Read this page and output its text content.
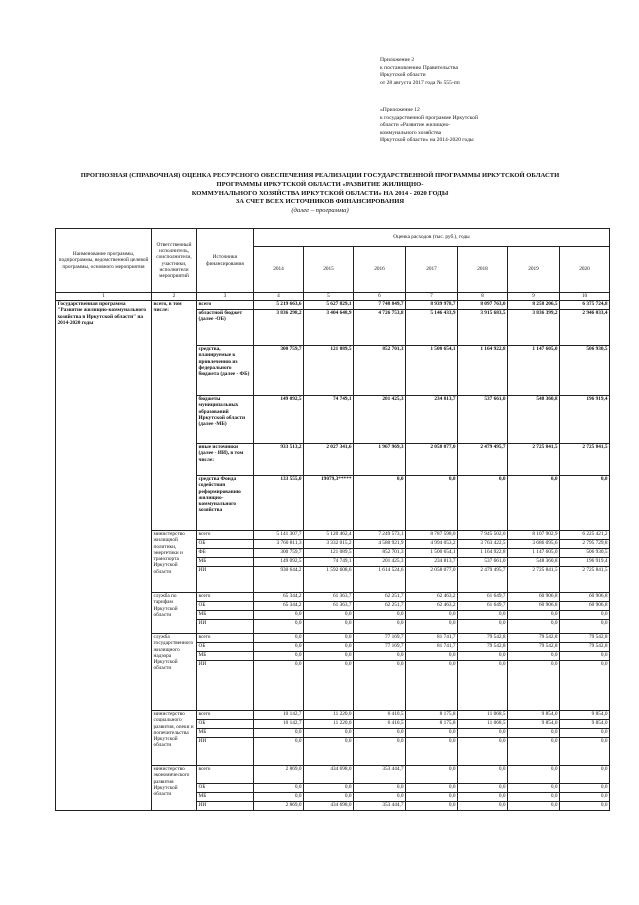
Приложение 2
к постановлению Правительства
Иркутской области
от 28 августа 2017 года № 555-пп
«Приложение 12
к государственной программе Иркутской
области «Развитие жилищно-
коммунального хозяйства
Иркутской области» на 2014-2020 годы
ПРОГНОЗНАЯ (СПРАВОЧНАЯ) ОЦЕНКА РЕСУРСНОГО ОБЕСПЕЧЕНИЯ РЕАЛИЗАЦИИ ГОСУДАРСТВЕННОЙ ПРОГРАММЫ ИРКУТСКОЙ ОБЛАСТИ
ПРОГРАММЫ ИРКУТСКОЙ ОБЛАСТИ «РАЗВИТИЕ ЖИЛИЩНО-
КОММУНАЛЬНОГО ХОЗЯЙСТВА ИРКУТСКОЙ ОБЛАСТИ» НА 2014 - 2020 ГОДЫ
ЗА СЧЕТ ВСЕХ ИСТОЧНИКОВ ФИНАНСИРОВАНИЯ
(далее – программа)
Наименование программы, подпрограммы, ведомственной целевой программы, основного мероприятия	Ответственный исполнитель, соисполнители, участники, исполнители мероприятий	Источники финансирования	Оценка расходов (тыс. руб.), годы						
			2014	2015	2016	2017	2018	2019	2020
1	2	3	4	5	6	7	8	9	10
Государственная программа "Развитие жилищно-коммунального хозяйства в Иркутской области" на 2014-2020 годы	всего, в том числе:	всего	5 219 663,6	5 627 829,1	7 748 849,7	8 939 978,7	8 097 763,0	8 258 206,5	6 375 724,8
		областной бюджет (далее -ОБ)	3 836 298,2	3 404 648,9	4 726 753,8	5 146 433,9	3 915 683,5	3 836 399,2	2 946 033,4
		средства, планируемые к привлечению из федерального бюджета (далее - ФБ)	300 759,7	121 089,5	852 701,3	1 500 654,1	1 164 922,8	1 147 605,0	506 930,5
		бюджеты муниципальных образований Иркутской области (далее -МБ)	149 092,5	74 749,1	201 425,3	234 813,7	537 661,0	548 360,8	196 919,4
		иные источники (далее - ИИ), в том числе:	933 513,2	2 027 341,6	1 967 969,3	2 058 077,0	2 479 495,7	2 725 841,5	2 725 841,5
		средства Фонда содействия реформированию жилищно-коммунального хозяйства	133 555,0	19079,3*****	0,0	0,0	0,0	0,0	0,0
	министерство жилищной политики, энергетики и транспорта Иркутской области	всего	5 141 307,7	5 120 462,4	7 249 573,1	8 787 598,0	7 945 502,0	8 107 902,9	6 225 421,2
		ОБ	3 760 811,3	3 332 015,2	4 580 921,9	4 994 053,2	3 763 422,5	3 686 095,6	2 795 729,8
		ФБ	300 759,7	121 089,5	852 701,3	1 500 654,1	1 164 922,8	1 147 605,0	506 930,5
		МБ	149 092,5	74 749,1	201 425,3	234 813,7	537 661,0	548 360,8	196 919,4
		ИИ	930 644,2	1 592 608,6	1 614 524,6	2 058 077,0	2 479 495,7	2 725 841,5	2 725 841,5
	служба по тарифам Иркутской области	всего	65 344,2	61 363,7	62 251,7	62 463,2	61 649,7	60 906,8	60 906,8
		ОБ	65 344,2	61 363,7	62 251,7	62 463,2	61 649,7	60 906,8	60 906,8
		МБ	0,0	0,0	0,0	0,0	0,0	0,0	0,0
		ИИ	0,0	0,0	0,0	0,0	0,0	0,0	0,0
	служба государственного жилищного надзора Иркутской области	всего	0,0	0,0	77 169,7	81 741,7	79 542,8	79 542,8	79 542,8
		ОБ	0,0	0,0	77 169,7	81 741,7	79 542,8	79 542,8	79 542,8
		МБ	0,0	0,0	0,0	0,0	0,0	0,0	0,0
		ИИ	0,0	0,0	0,0	0,0	0,0	0,0	0,0
	министерство социального развития, опеки и попечительства Иркутской области	всего	10 142,7	11 220,0	6 410,5	8 175,8	11 068,5	9 854,0	9 854,0
		ОБ	10 142,7	11 220,0	6 410,5	8 175,8	11 068,5	9 854,0	9 854,0
		МБ	0,0	0,0	0,0	0,0	0,0	0,0	0,0
		ИИ	0,0	0,0	0,0	0,0	0,0	0,0	0,0
	министерство экономического развития Иркутской области	всего	2 869,0	434 698,0	353 444,7	0,0	0,0	0,0	0,0
		ОБ	0,0	0,0	0,0	0,0	0,0	0,0	0,0
		МБ	0,0	0,0	0,0	0,0	0,0	0,0	0,0
		ИИ	2 869,0	434 698,0	353 444,7	0,0	0,0	0,0	0,0
